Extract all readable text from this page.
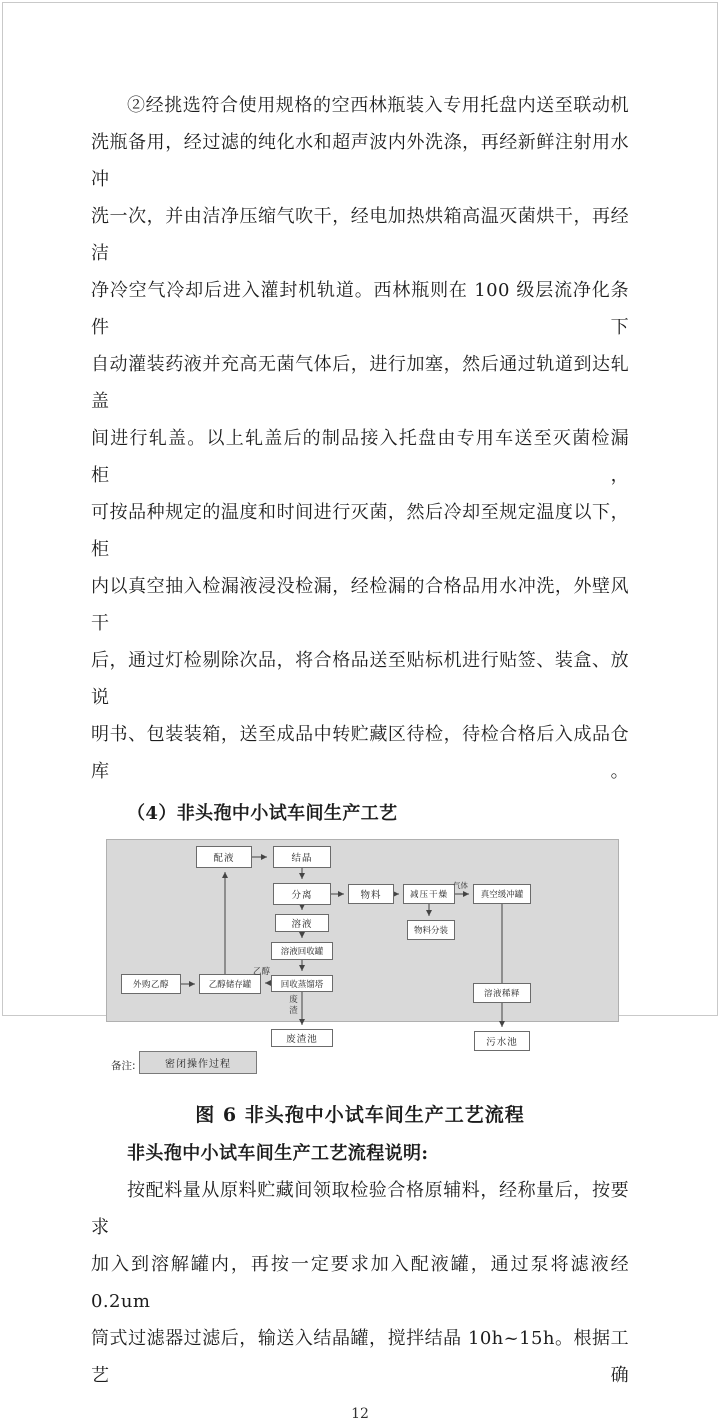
②经挑选符合使用规格的空西林瓶装入专用托盘内送至联动机
洗瓶备用，经过滤的纯化水和超声波内外洗涤，再经新鲜注射用水冲
洗一次，并由洁净压缩气吹干，经电加热烘箱高温灭菌烘干，再经洁
净冷空气冷却后进入灌封机轨道。西林瓶则在 100 级层流净化条件下
自动灌装药液并充高无菌气体后，进行加塞，然后通过轨道到达轧盖
间进行轧盖。以上轧盖后的制品接入托盘由专用车送至灭菌检漏柜，
可按品种规定的温度和时间进行灭菌，然后冷却至规定温度以下，柜
内以真空抽入检漏液浸没检漏，经检漏的合格品用水冲洗，外壁风干
后，通过灯检剔除次品，将合格品送至贴标机进行贴签、装盒、放说
明书、包装装箱，送至成品中转贮藏区待检，待检合格后入成品仓库。
（4）非头孢中小试车间生产工艺
配液	结晶
分离	物料	减压干燥	真空缓冲罐
物料分装
溶液
溶液回收罐
回收蒸馏塔
外购乙醇	乙醇储存罐
溶液稀释
废渣池	污水池
气体
乙醇
废渣
备注:	密闭操作过程
图 6 非头孢中小试车间生产工艺流程
非头孢中小试车间生产工艺流程说明:
按配料量从原料贮藏间领取检验合格原辅料，经称量后，按要求
加入到溶解罐内，再按一定要求加入配液罐，通过泵将滤液经 0.2um
筒式过滤器过滤后，输送入结晶罐，搅拌结晶 10h~15h。根据工艺确
12
